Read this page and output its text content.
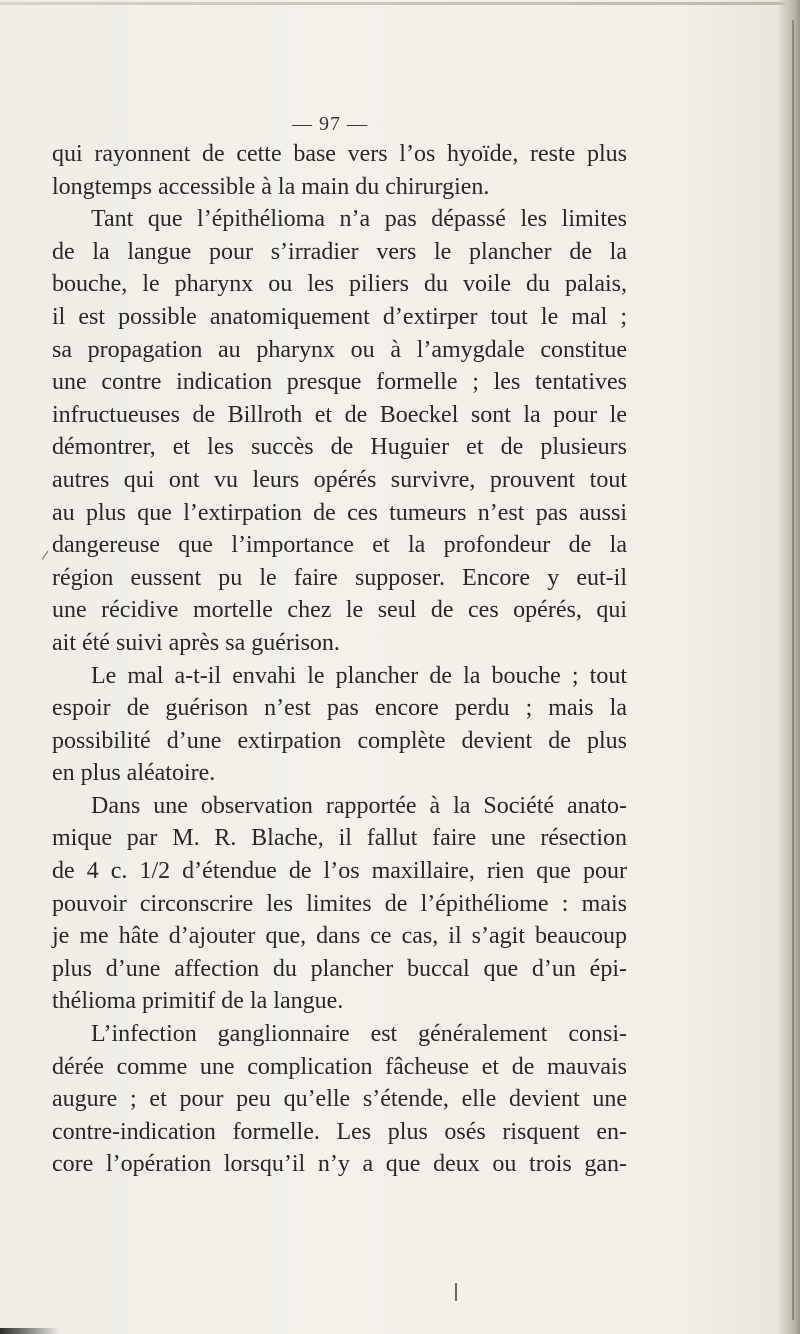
— 97 —
qui rayonnent de cette base vers l’os hyoïde, reste plus
longtemps accessible à la main du chirurgien.
Tant que l’épithélioma n’a pas dépassé les limites
de la langue pour s’irradier vers le plancher de la
bouche, le pharynx ou les piliers du voile du palais,
il est possible anatomiquement d’extirper tout le mal ;
sa propagation au pharynx ou à l’amygdale constitue
une contre indication presque formelle ; les tentatives
infructueuses de Billroth et de Boeckel sont la pour le
démontrer, et les succès de Huguier et de plusieurs
autres qui ont vu leurs opérés survivre, prouvent tout
au plus que l’extirpation de ces tumeurs n’est pas aussi
dangereuse que l’importance et la profondeur de la
région eussent pu le faire supposer. Encore y eut-il
une récidive mortelle chez le seul de ces opérés, qui
ait été suivi après sa guérison.
Le mal a-t-il envahi le plancher de la bouche ; tout
espoir de guérison n’est pas encore perdu ; mais la
possibilité d’une extirpation complète devient de plus
en plus aléatoire.
Dans une observation rapportée à la Société anato-
mique par M. R. Blache, il fallut faire une résection
de 4 c. 1/2 d’étendue de l’os maxillaire, rien que pour
pouvoir circonscrire les limites de l’épithéliome : mais
je me hâte d’ajouter que, dans ce cas, il s’agit beaucoup
plus d’une affection du plancher buccal que d’un épi-
thélioma primitif de la langue.
L’infection ganglionnaire est généralement consi-
dérée comme une complication fâcheuse et de mauvais
augure ; et pour peu qu’elle s’étende, elle devient une
contre-indication formelle. Les plus osés risquent en-
core l’opération lorsqu’il n’y a que deux ou trois gan-
